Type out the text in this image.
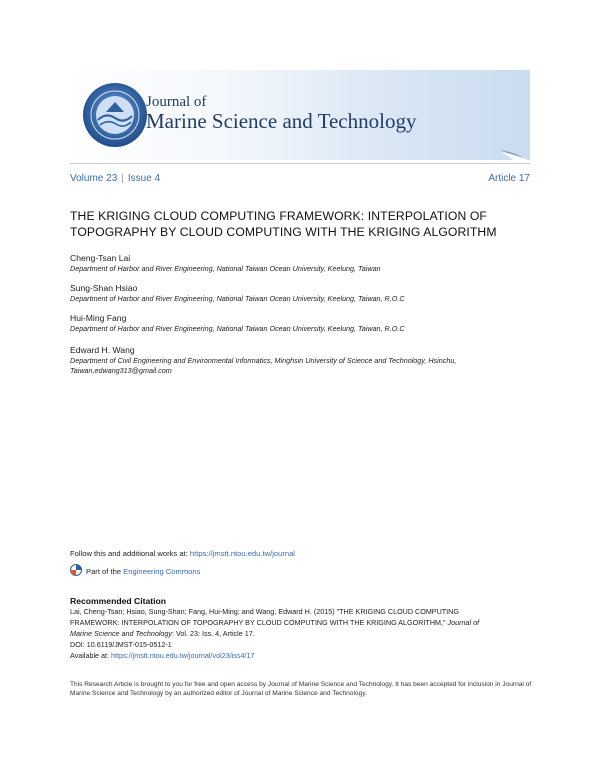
Journal of
Marine Science and Technology
Volume 23 | Issue 4	Article 17
THE KRIGING CLOUD COMPUTING FRAMEWORK: INTERPOLATION OF TOPOGRAPHY BY CLOUD COMPUTING WITH THE KRIGING ALGORITHM
Cheng-Tsan Lai
Department of Harbor and River Engineering, National Taiwan Ocean University, Keelung, Taiwan
Sung-Shan Hsiao
Department of Harbor and River Engineering, National Taiwan Ocean University, Keelung, Taiwan, R.O.C
Hui-Ming Fang
Department of Harbor and River Engineering, National Taiwan Ocean University, Keelung, Taiwan, R.O.C
Edward H. Wang
Department of Civil Engineering and Environmental Informatics, Minghsin University of Science and Technology, Hsinchu, Taiwan,edwang313@gmail.com
Follow this and additional works at: https://jmstt.ntou.edu.tw/journal
Part of the Engineering Commons
Recommended Citation
Lai, Cheng-Tsan; Hsiao, Sung-Shan; Fang, Hui-Ming; and Wang, Edward H. (2015) "THE KRIGING CLOUD COMPUTING
FRAMEWORK: INTERPOLATION OF TOPOGRAPHY BY CLOUD COMPUTING WITH THE KRIGING ALGORITHM," Journal of
Marine Science and Technology: Vol. 23: Iss. 4, Article 17.
DOI: 10.6119/JMST-015-0512-1
Available at: https://jmstt.ntou.edu.tw/journal/vol23/iss4/17
This Research Article is brought to you for free and open access by Journal of Marine Science and Technology. It has been accepted for inclusion in Journal of Marine Science and Technology by an authorized editor of Journal of Marine Science and Technology.
